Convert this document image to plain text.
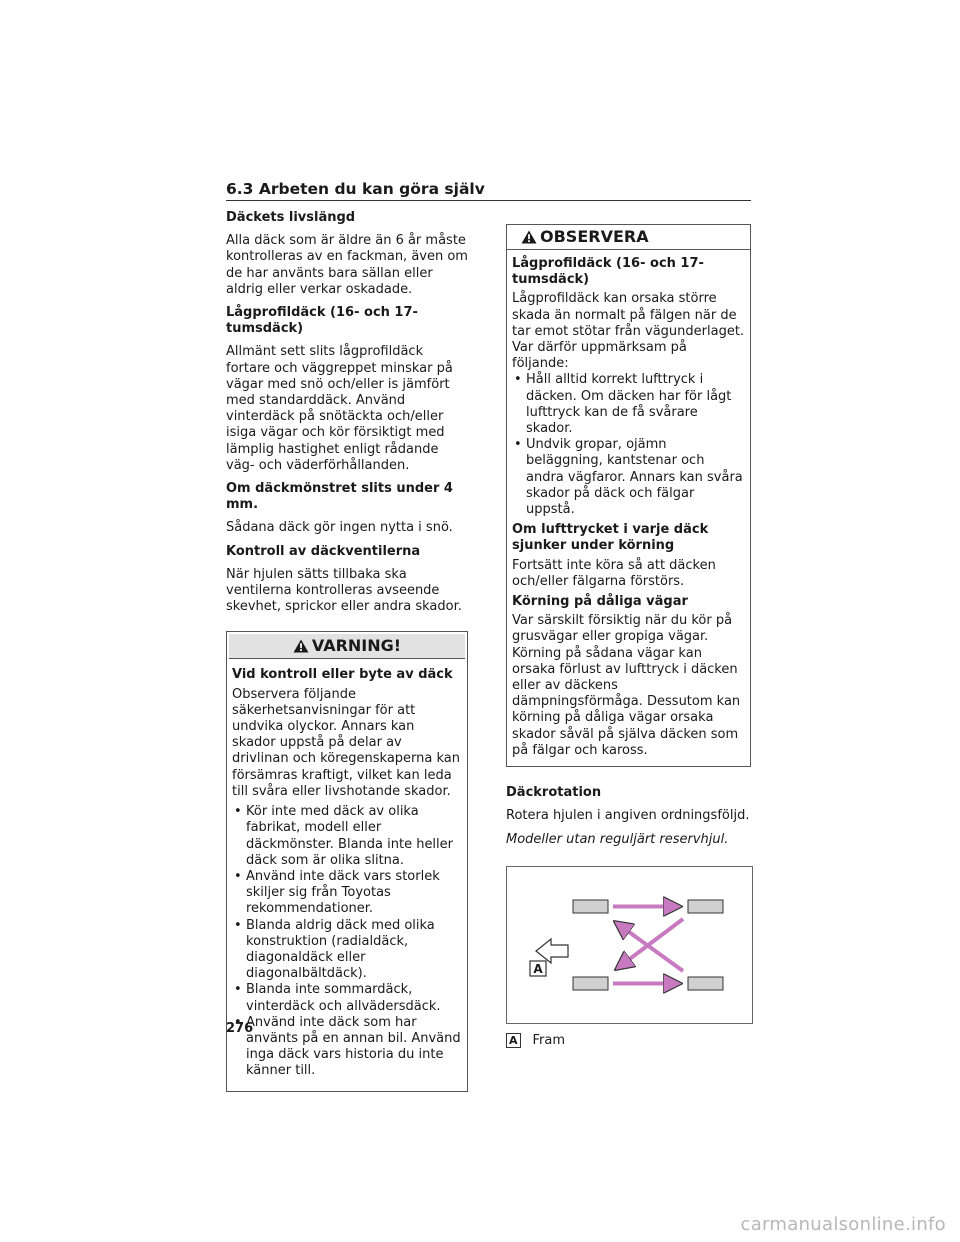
6.3 Arbeten du kan göra själv
Däckets livslängd
Alla däck som är äldre än 6 år måste kontrolleras av en fackman, även om de har använts bara sällan eller aldrig eller verkar oskadade.
Lågprofildäck (16- och 17-tumsdäck)
Allmänt sett slits lågprofildäck fortare och väggreppet minskar på vägar med snö och/eller is jämfört med standarddäck. Använd vinterdäck på snötäckta och/eller isiga vägar och kör försiktigt med lämplig hastighet enligt rådande väg- och väderförhållanden.
Om däckmönstret slits under 4 mm.
Sådana däck gör ingen nytta i snö.
Kontroll av däckventilerna
När hjulen sätts tillbaka ska ventilerna kontrolleras avseende skevhet, sprickor eller andra skador.
VARNING!
Vid kontroll eller byte av däck
Observera följande säkerhetsanvisningar för att undvika olyckor. Annars kan skador uppstå på delar av drivlinan och köregenskaperna kan försämras kraftigt, vilket kan leda till svåra eller livshotande skador.
• Kör inte med däck av olika fabrikat, modell eller däckmönster. Blanda inte heller däck som är olika slitna.
• Använd inte däck vars storlek skiljer sig från Toyotas rekommendationer.
• Blanda aldrig däck med olika konstruktion (radialdäck, diagonaldäck eller diagonalbältdäck).
• Blanda inte sommardäck, vinterdäck och allvädersdäck.
• Använd inte däck som har använts på en annan bil. Använd inga däck vars historia du inte känner till.
OBSERVERA
Lågprofildäck (16- och 17-tumsdäck)
Lågprofildäck kan orsaka större skada än normalt på fälgen när de tar emot stötar från vägunderlaget. Var därför uppmärksam på följande:
• Håll alltid korrekt lufttryck i däcken. Om däcken har för lågt lufttryck kan de få svårare skador.
• Undvik gropar, ojämn beläggning, kantstenar och andra vägfaror. Annars kan svåra skador på däck och fälgar uppstå.
Om lufttrycket i varje däck sjunker under körning
Fortsätt inte köra så att däcken och/eller fälgarna förstörs.
Körning på dåliga vägar
Var särskilt försiktig när du kör på grusvägar eller gropiga vägar. Körning på sådana vägar kan orsaka förlust av lufttryck i däcken eller av däckens dämpningsförmåga. Dessutom kan körning på dåliga vägar orsaka skador såväl på själva däcken som på fälgar och kaross.
Däckrotation
Rotera hjulen i angiven ordningsföljd.
Modeller utan reguljärt reservhjul.
A
A Fram
276
carmanualsonline.info
